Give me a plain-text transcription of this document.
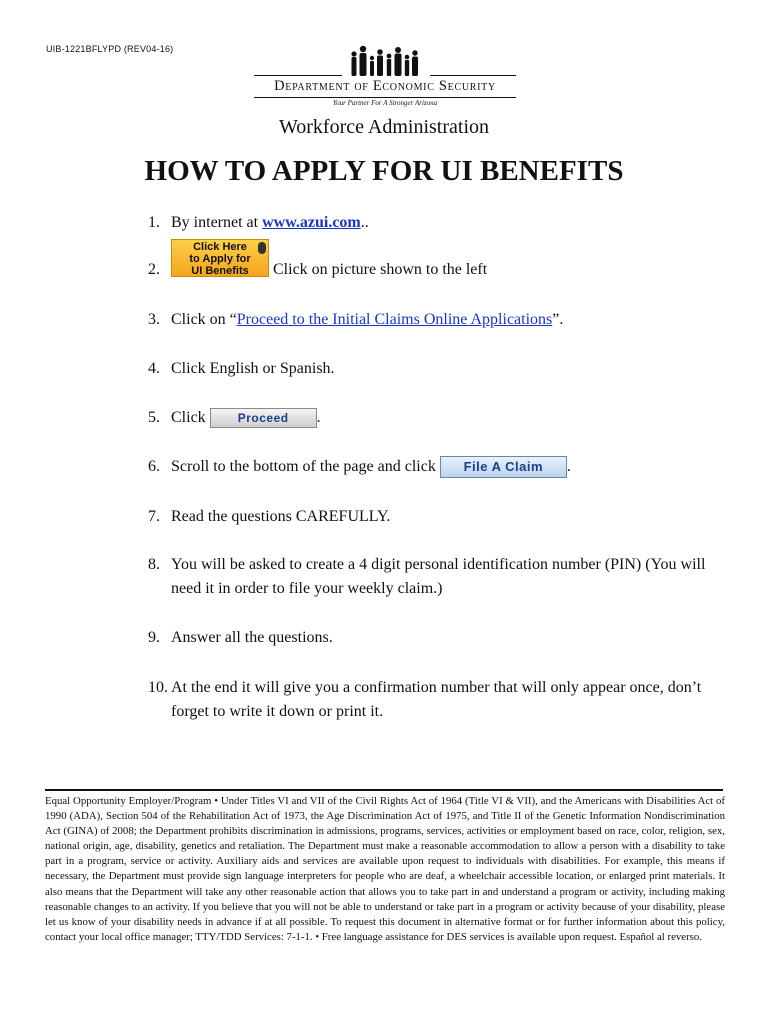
UIB-1221BFLYPD (REV04-16)
Department of Economic Security
Your Partner For A Stronger Arizona
Workforce Administration
HOW TO APPLY FOR UI BENEFITS
1. By internet at www.azui.com..
2.
Click Here
to Apply for
UI Benefits Click on picture shown to the left
3. Click on “Proceed to the Initial Claims Online Applications”.
4. Click English or Spanish.
5. Click Proceed .
6. Scroll to the bottom of the page and click File A Claim .
7. Read the questions CAREFULLY.
8. You will be asked to create a 4 digit personal identification number (PIN) (You will need it in order to file your weekly claim.)
9. Answer all the questions.
10. At the end it will give you a confirmation number that will only appear once, don’t forget to write it down or print it.

Equal Opportunity Employer/Program • Under Titles VI and VII of the Civil Rights Act of 1964 (Title VI & VII), and the Americans with Disabilities Act of 1990 (ADA), Section 504 of the Rehabilitation Act of 1973, the Age Discrimination Act of 1975, and Title II of the Genetic Information Nondiscrimination Act (GINA) of 2008; the Department prohibits discrimination in admissions, programs, services, activities or employment based on race, color, religion, sex, national origin, age, disability, genetics and retaliation. The Department must make a reasonable accommodation to allow a person with a disability to take part in a program, service or activity. Auxiliary aids and services are available upon request to individuals with disabilities. For example, this means if necessary, the Department must provide sign language interpreters for people who are deaf, a wheelchair accessible location, or enlarged print materials. It also means that the Department will take any other reasonable action that allows you to take part in and understand a program or activity, including making reasonable changes to an activity. If you believe that you will not be able to understand or take part in a program or activity because of your disability, please let us know of your disability needs in advance if at all possible. To request this document in alternative format or for further information about this policy, contact your local office manager; TTY/TDD Services: 7-1-1. • Free language assistance for DES services is available upon request. Español al reverso.
